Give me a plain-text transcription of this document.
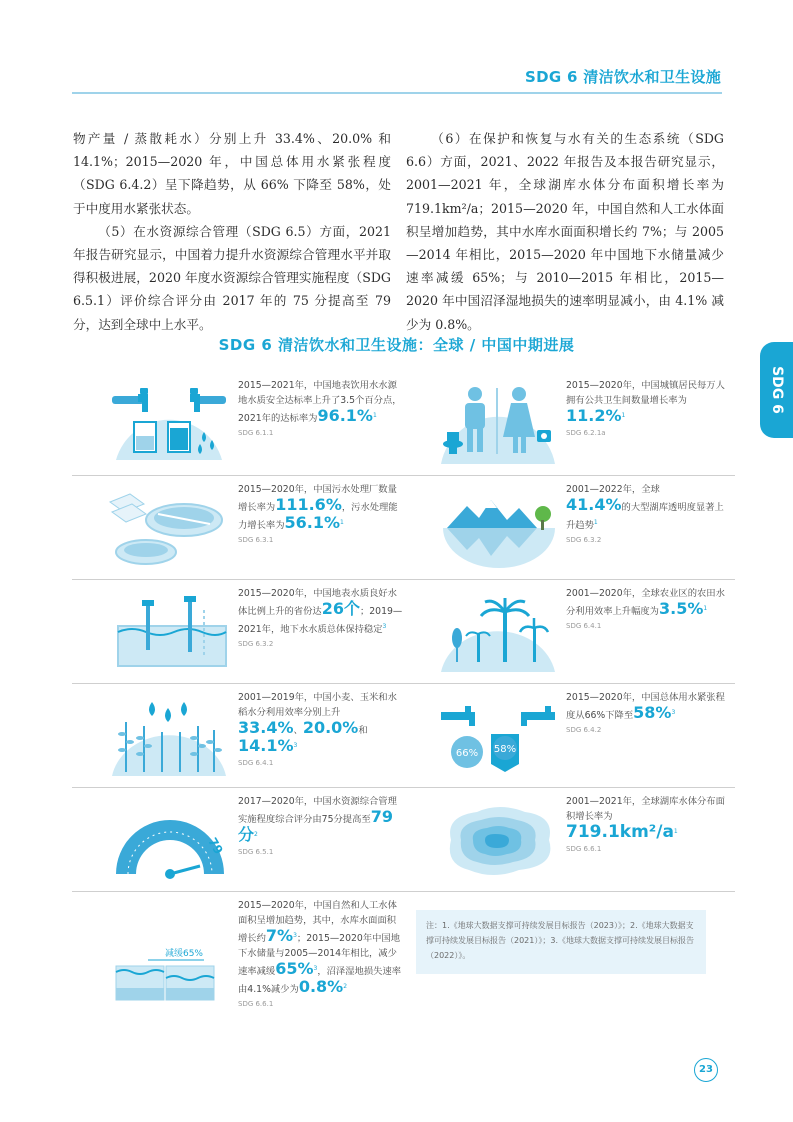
SDG 6 清洁饮水和卫生设施
SDG 6

物产量 / 蒸散耗水）分别上升 33.4%、20.0% 和 14.1%；2015—2020 年，中国总体用水紧张程度（SDG 6.4.2）呈下降趋势，从 66% 下降至 58%，处于中度用水紧张状态。

（5）在水资源综合管理（SDG 6.5）方面，2021 年报告研究显示，中国着力提升水资源综合管理水平并取得积极进展，2020 年度水资源综合管理实施程度（SDG 6.5.1）评价综合评分由 2017 年的 75 分提高至 79 分，达到全球中上水平。

（6）在保护和恢复与水有关的生态系统（SDG 6.6）方面，2021、2022 年报告及本报告研究显示，2001—2021 年，全球湖库水体分布面积增长率为 719.1km²/a；2015—2020 年，中国自然和人工水体面积呈增加趋势，其中水库水面面积增长约 7%；与 2005—2014 年相比，2015—2020 年中国地下水储量减少速率减缓 65%；与 2010—2015 年相比，2015—2020 年中国沼泽湿地损失的速率明显减小，由 4.1% 减少为 0.8%。

SDG 6 清洁饮水和卫生设施：全球 / 中国中期进展
2015—2021年，中国地表饮用水水源地水质安全达标率上升了3.5个百分点，2021年的达标率为96.1%$^1$
SDG 6.1.1
2015—2020年，中国城镇居民每万人拥有公共卫生间数量增长率为
11.2%$^1$
SDG 6.2.1a
2015—2020年，中国污水处理厂数量增长率为111.6%，污水处理能力增长率为56.1%$^1$
SDG 6.3.1
2001—2022年，全球
41.4%的大型湖库透明度显著上升趋势$^1$
SDG 6.3.2
2015—2020年，中国地表水质良好水体比例上升的省份达26个；2019—2021年，地下水水质总体保持稳定$^3$
SDG 6.3.2
2001—2020年，全球农业区的农田水分利用效率上升幅度为3.5%$^1$
SDG 6.4.1
2001—2019年，中国小麦、玉米和水稻水分利用效率分别上升33.4%、20.0%和14.1%$^3$
SDG 6.4.1
66% 58%
2015—2020年，中国总体用水紧张程度从66%下降至58%$^3$
SDG 6.4.2
79
2017—2020年，中国水资源综合管理实施程度综合评分由75分提高至79分$^2$
SDG 6.5.1
2001—2021年，全球湖库水体分布面积增长率为
$719.1km^2/a^1$
SDG 6.6.1
减缓65%
2015—2020年，中国自然和人工水体面积呈增加趋势，其中，水库水面面积增长约7%$^3$；2015—2020年中国地下水储量与2005—2014年相比，减少速率减缓65%$^3$，沼泽湿地损失速率由4.1%减少为0.8%$^2$
SDG 6.6.1
注：1.《地球大数据支撑可持续发展目标报告（2023）》；2.《地球大数据支撑可持续发展目标报告（2021）》；3.《地球大数据支撑可持续发展目标报告（2022）》。
23
